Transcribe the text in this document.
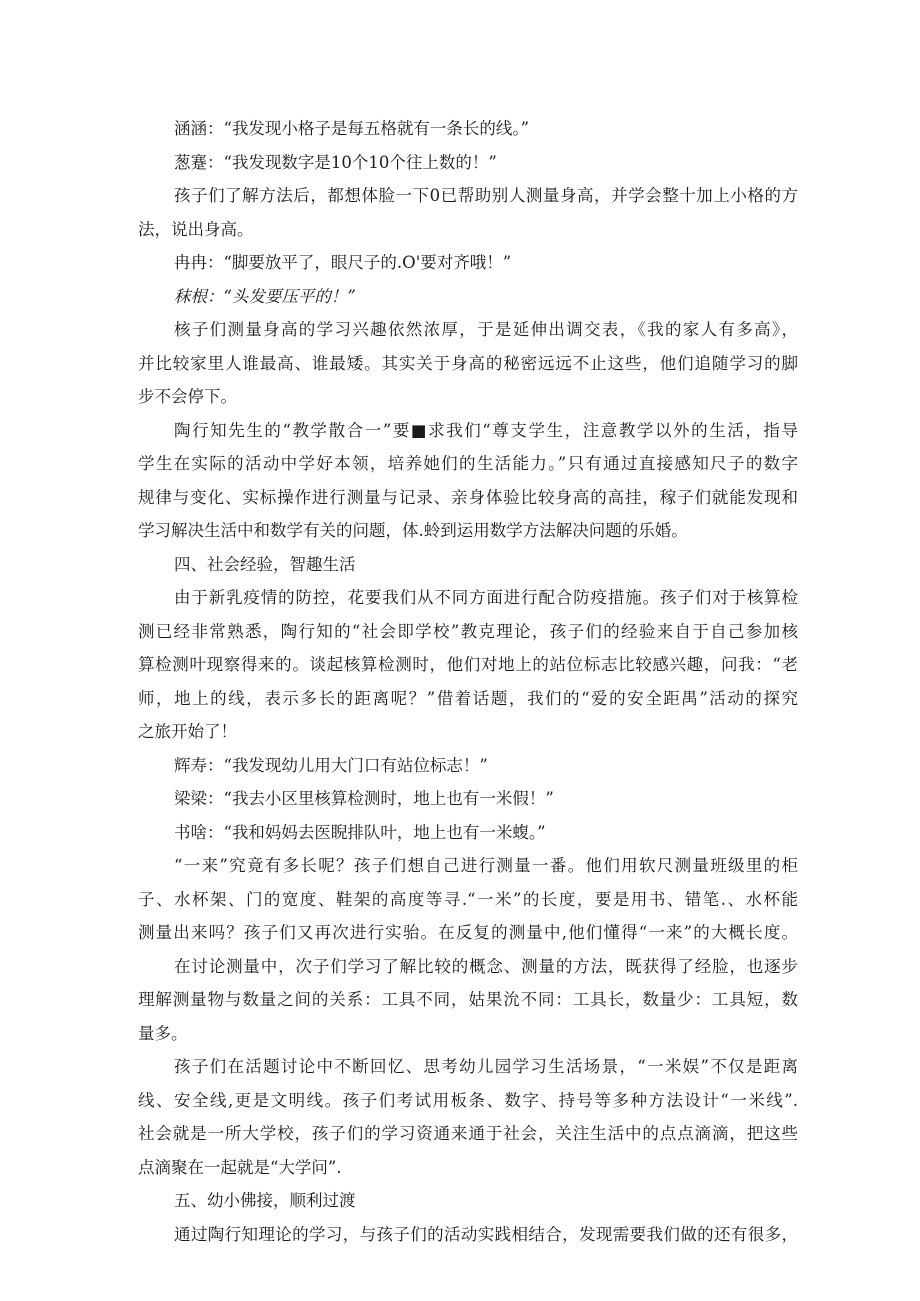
涵涵：“我发现小格子是每五格就有一条长的线。”
葱蹇：“我发现数字是10个10个往上数的！”
孩子们了解方法后，都想体脸一下0已帮助别人测量身高，并学会整十加上小格的方
法，说出身高。
冉冉：“脚要放平了，眼尺子的.O'要对齐哦！”
秣根：“头发要压平的！”
核子们测量身高的学习兴趣依然浓厚，于是延伸出调交表，《我的家人有多高》，
并比较家里人谁最高、谁最矮。其实关于身高的秘密远远不止这些，他们追随学习的脚
步不会停下。
陶行知先生的“教学散合一”要■求我们“尊支学生，注意教学以外的生活，指导
学生在实际的活动中学好本领，培养她们的生活能力。”只有通过直接感知尺子的数字
规律与变化、实标操作进行测量与记录、亲身体验比较身高的高挂，稼子们就能发现和
学习解决生活中和数学有关的问题，体.蛉到运用数学方法解决问题的乐婚。
四、社会经验，智趣生活
由于新乳疫情的防控，花要我们从不同方面进行配合防疫措施。孩子们对于核算检
测已经非常熟悉，陶行知的“社会即学校”教克理论，孩子们的经验来自于自己参加核
算检测叶现察得来的。谈起核算检测时，他们对地上的站位标志比较感兴趣，问我：“老
师，地上的线，表示多长的距离呢？”借着话题，我们的“爱的安全距禺”活动的探究
之旅开始了！
辉寿：“我发现幼儿用大门口有站位标志！”
梁梁：“我去小区里核算检测时，地上也有一米假！”
书啥：“我和妈妈去医睨排队叶，地上也有一米蝮。”
“一来”究竟有多长呢？孩子们想自己进行测量一番。他们用软尺测量班级里的柜
子、水杯架、门的宽度、鞋架的高度等寻.“一米”的长度，要是用书、错笔.、水杯能
测量出来吗？孩子们又再次进行实骀。在反复的测量中,他们懂得“一来”的大概长度。
在讨论测量中，次子们学习了解比较的概念、测量的方法，既获得了经脸，也逐步
理解测量物与数量之间的关系：工具不同，姑果沇不同：工具长，数量少：工具短，数
量多。
孩子们在活题讨论中不断回忆、思考幼儿园学习生活场景，“一米娱”不仅是距离
线、安全线,更是文明线。孩子们考试用板条、数字、持号等多种方法设计“一米线”.
社会就是一所大学校，孩子们的学习资通来通于社会，关注生活中的点点滴滴，把这些
点滴聚在一起就是“大学问”.
五、幼小佛接，顺利过渡
通过陶行知理论的学习，与孩子们的活动实践相结合，发现需要我们做的还有很多，
